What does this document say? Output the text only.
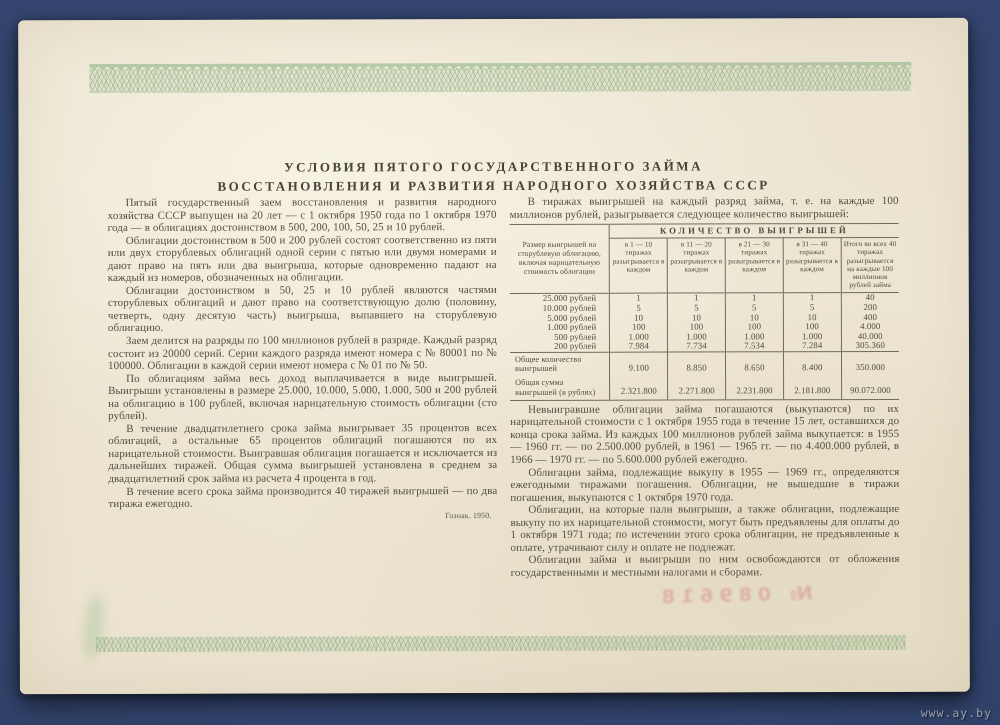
УСЛОВИЯ ПЯТОГО ГОСУДАРСТВЕННОГО ЗАЙМА
ВОССТАНОВЛЕНИЯ И РАЗВИТИЯ НАРОДНОГО ХОЗЯЙСТВА СССР

Пятый государственный заем восстановления и развития народного хозяйства СССР выпущен на 20 лет — с 1 октября 1950 года по 1 октября 1970 года — в облигациях достоинством в 500, 200, 100, 50, 25 и 10 рублей.

Облигации достоинством в 500 и 200 рублей состоят соответственно из пяти или двух сторублевых облигаций одной серии с пятью или двумя номерами и дают право на пять или два выигрыша, которые одновременно падают на каждый из номеров, обозначенных на облигации.

Облигации достоинством в 50, 25 и 10 рублей являются частями сторублевых облигаций и дают право на соответствующую долю (половину, четверть, одну десятую часть) выигрыша, выпавшего на сторублевую облигацию.

Заем делится на разряды по 100 миллионов рублей в разряде. Каждый разряд состоит из 20000 серий. Серии каждого разряда имеют номера с № 80001 по № 100000. Облигации в каждой серии имеют номера с № 01 по № 50.

По облигациям займа весь доход выплачивается в виде выигрышей. Выигрыши установлены в размере 25.000, 10.000, 5.000, 1.000, 500 и 200 рублей на облигацию в 100 рублей, включая нарицательную стоимость облигации (сто рублей).

В течение двадцатилетнего срока займа выигрывает 35 процентов всех облигаций, а остальные 65 процентов облигаций погашаются по их нарицательной стоимости. Выигравшая облигация погашается и исключается из дальнейших тиражей. Общая сумма выигрышей установлена в среднем за двадцатилетний срок займа из расчета 4 процента в год.

В течение всего срока займа производится 40 тиражей выигрышей — по два тиража ежегодно.

Гознак. 1950.

В тиражах выигрышей на каждый разряд займа, т. е. на каждые 100 миллионов рублей, разыгрывается следующее количество выигрышей:

Размер выигрышей на сторублевую облигацию, включая нарицательную стоимость облигации	КОЛИЧЕСТВО ВЫИГРЫШЕЙ				
	в 1 — 10 тиражах разыгрывается в каждом	в 11 — 20 тиражах разыгрывается в каждом	в 21 — 30 тиражах разыгрывается в каждом	в 31 — 40 тиражах разыгрывается в каждом	Итого во всех 40 тиражах разыгрывается на каждые 100 миллионов рублей займа
25.000 рублей	1	1	1	1	40
10.000 рублей	5	5	5	5	200
5.000 рублей	10	10	10	10	400
1.000 рублей	100	100	100	100	4.000
500 рублей	1.000	1.000	1.000	1.000	40.000
200 рублей	7.984	7.734	7.534	7.284	305.360
Общее количество выигрышей	9.100	8.850	8.650	8.400	350.000
Общая сумма выигрышей (в рублях)	2.321.800	2.271.800	2.231.800	2.181.800	90.072.000

Невыигравшие облигации займа погашаются (выкупаются) по их нарицательной стоимости с 1 октября 1955 года в течение 15 лет, оставшихся до конца срока займа. Из каждых 100 миллионов рублей займа выкупается: в 1955 — 1960 гг. — по 2.500.000 рублей, в 1961 — 1965 гг. — по 4.400.000 рублей, в 1966 — 1970 гг. — по 5.600.000 рублей ежегодно.

Облигации займа, подлежащие выкупу в 1955 — 1969 гг., определяются ежегодными тиражами погашения. Облигации, не вышедшие в тиражи погашения, выкупаются с 1 октября 1970 года.

Облигации, на которые пали выигрыши, а также облигации, подлежащие выкупу по их нарицательной стоимости, могут быть предъявлены для оплаты до 1 октября 1971 года; по истечении этого срока облигации, не предъявленные к оплате, утрачивают силу и оплате не подлежат.

Облигации займа и выигрыши по ним освобождаются от обложения государственными и местными налогами и сборами.

№ 089618
www.ay.by
